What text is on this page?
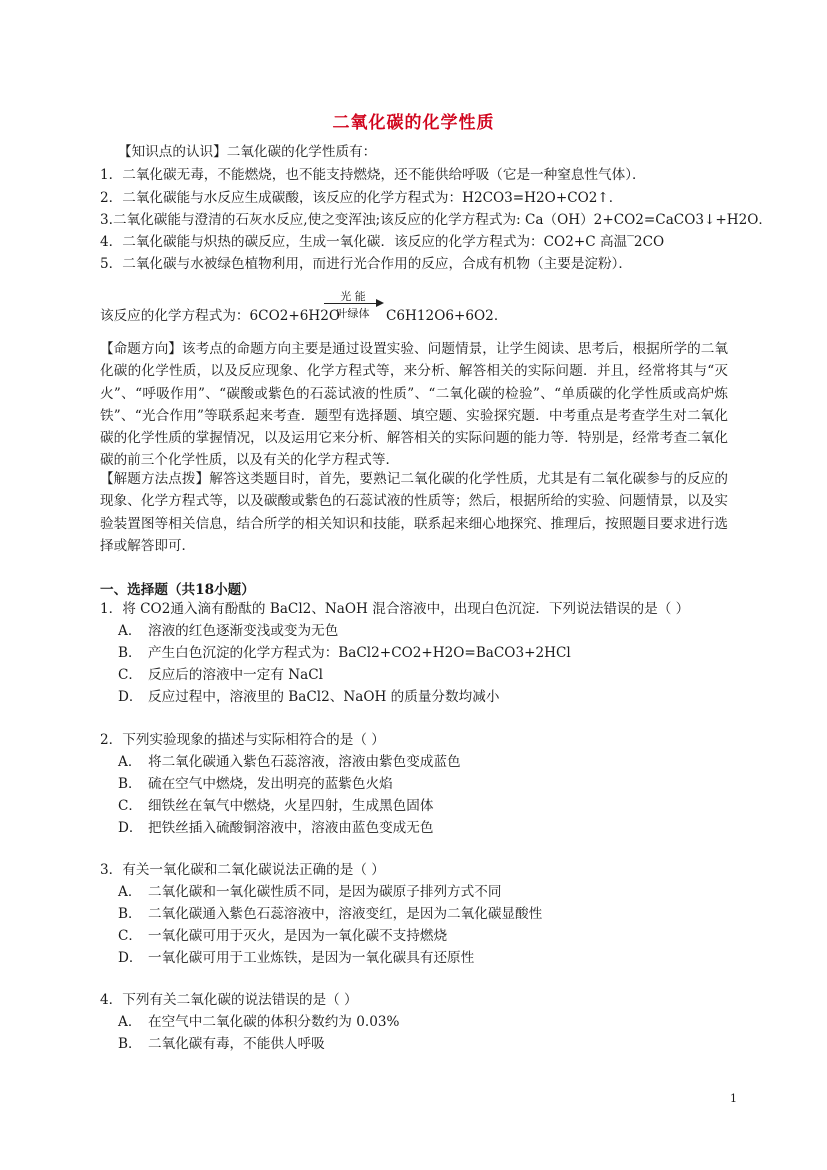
二氧化碳的化学性质
【知识点的认识】二氧化碳的化学性质有：
1．二氧化碳无毒，不能燃烧，也不能支持燃烧，还不能供给呼吸（它是一种窒息性气体）．
2．二氧化碳能与水反应生成碳酸，该反应的化学方程式为：H2CO3=H2O+CO2↑．
3.二氧化碳能与澄清的石灰水反应,使之变浑浊;该反应的化学方程式为: Ca（OH）2+CO2=CaCO3↓+H2O．
4．二氧化碳能与炽热的碳反应，生成一氧化碳．该反应的化学方程式为：CO2+C 高温‾2CO
5．二氧化碳与水被绿色植物利用，而进行光合作用的反应，合成有机物（主要是淀粉）．
该反应的化学方程式为：6CO2+6H2O
光 能
叶绿体	C6H12O6+6O2．
【命题方向】该考点的命题方向主要是通过设置实验、问题情景，让学生阅读、思考后，根据所学的二氧化碳的化学性质，以及反应现象、化学方程式等，来分析、解答相关的实际问题．并且，经常将其与“灭火”、“呼吸作用”、“碳酸或紫色的石蕊试液的性质”、“二氧化碳的检验”、“单质碳的化学性质或高炉炼铁”、“光合作用”等联系起来考查．题型有选择题、填空题、实验探究题．中考重点是考查学生对二氧化碳的化学性质的掌握情况，以及运用它来分析、解答相关的实际问题的能力等．特别是，经常考查二氧化碳的前三个化学性质，以及有关的化学方程式等．
【解题方法点拨】解答这类题目时，首先，要熟记二氧化碳的化学性质，尤其是有二氧化碳参与的反应的现象、化学方程式等，以及碳酸或紫色的石蕊试液的性质等；然后，根据所给的实验、问题情景，以及实验装置图等相关信息，结合所学的相关知识和技能，联系起来细心地探究、推理后，按照题目要求进行选择或解答即可．
一、选择题（共18小题）
1．将 CO2通入滴有酚酞的 BaCl2、NaOH 混合溶液中，出现白色沉淀．下列说法错误的是（ ）
A． 溶液的红色逐渐变浅或变为无色
B． 产生白色沉淀的化学方程式为：BaCl2+CO2+H2O=BaCO3+2HCl
C． 反应后的溶液中一定有 NaCl
D． 反应过程中，溶液里的 BaCl2、NaOH 的质量分数均减小
2．下列实验现象的描述与实际相符合的是（ ）
A． 将二氧化碳通入紫色石蕊溶液，溶液由紫色变成蓝色
B． 硫在空气中燃烧，发出明亮的蓝紫色火焰
C． 细铁丝在氧气中燃烧，火星四射，生成黑色固体
D． 把铁丝插入硫酸铜溶液中，溶液由蓝色变成无色
3．有关一氧化碳和二氧化碳说法正确的是（ ）
A． 二氧化碳和一氧化碳性质不同，是因为碳原子排列方式不同
B． 二氧化碳通入紫色石蕊溶液中，溶液变红，是因为二氧化碳显酸性
C． 一氧化碳可用于灭火，是因为一氧化碳不支持燃烧
D． 一氧化碳可用于工业炼铁，是因为一氧化碳具有还原性
4．下列有关二氧化碳的说法错误的是（ ）
A． 在空气中二氧化碳的体积分数约为 0.03%
B． 二氧化碳有毒，不能供人呼吸
1
